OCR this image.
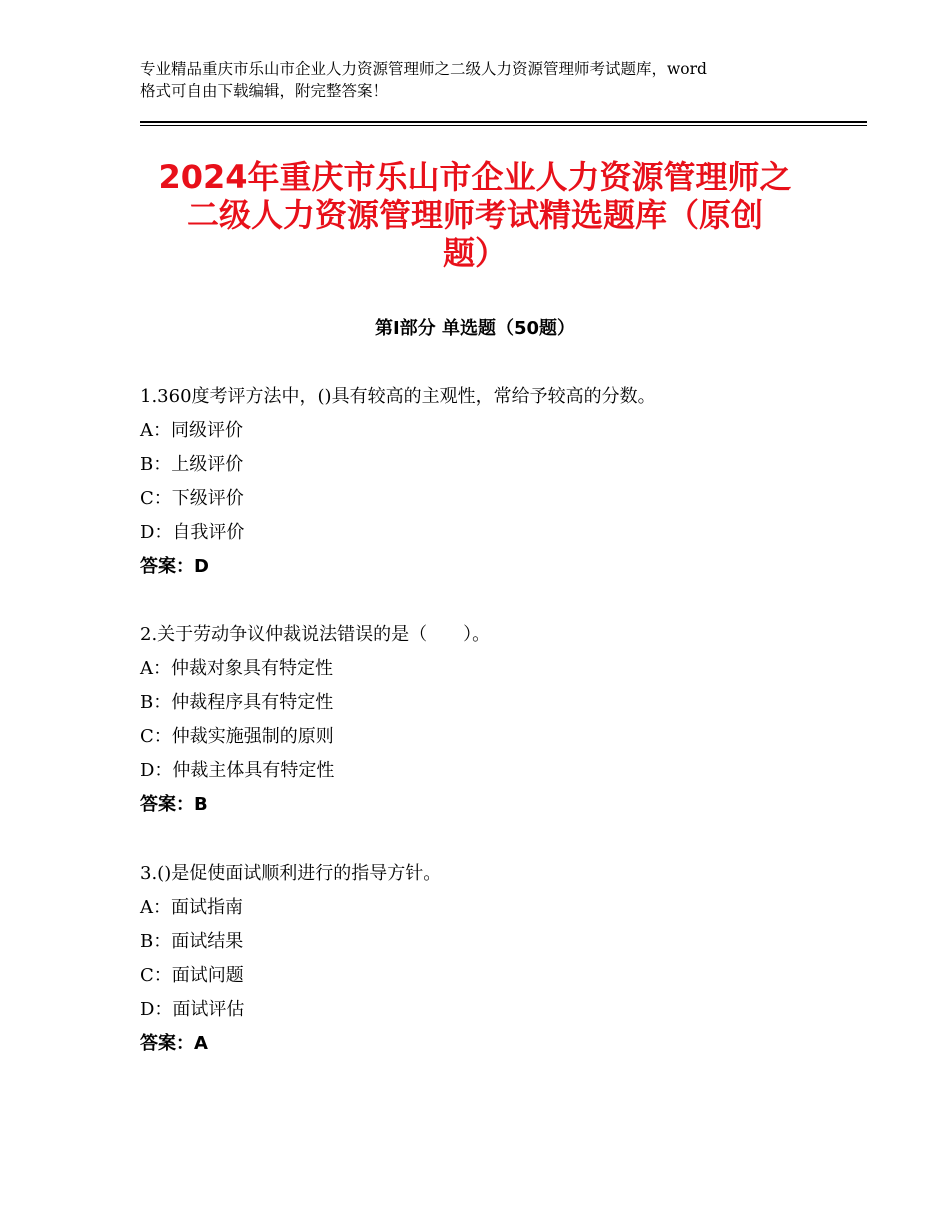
专业精品重庆市乐山市企业人力资源管理师之二级人力资源管理师考试题库，word
格式可自由下载编辑，附完整答案！
2024年重庆市乐山市企业人力资源管理师之
二级人力资源管理师考试精选题库（原创
题）
第Ⅰ部分 单选题（50题）
1.360度考评方法中，()具有较高的主观性，常给予较高的分数。
A：同级评价
B：上级评价
C：下级评价
D：自我评价
答案：D
2.关于劳动争议仲裁说法错误的是（　　）。
A：仲裁对象具有特定性
B：仲裁程序具有特定性
C：仲裁实施强制的原则
D：仲裁主体具有特定性
答案：B
3.()是促使面试顺利进行的指导方针。
A：面试指南
B：面试结果
C：面试问题
D：面试评估
答案：A
